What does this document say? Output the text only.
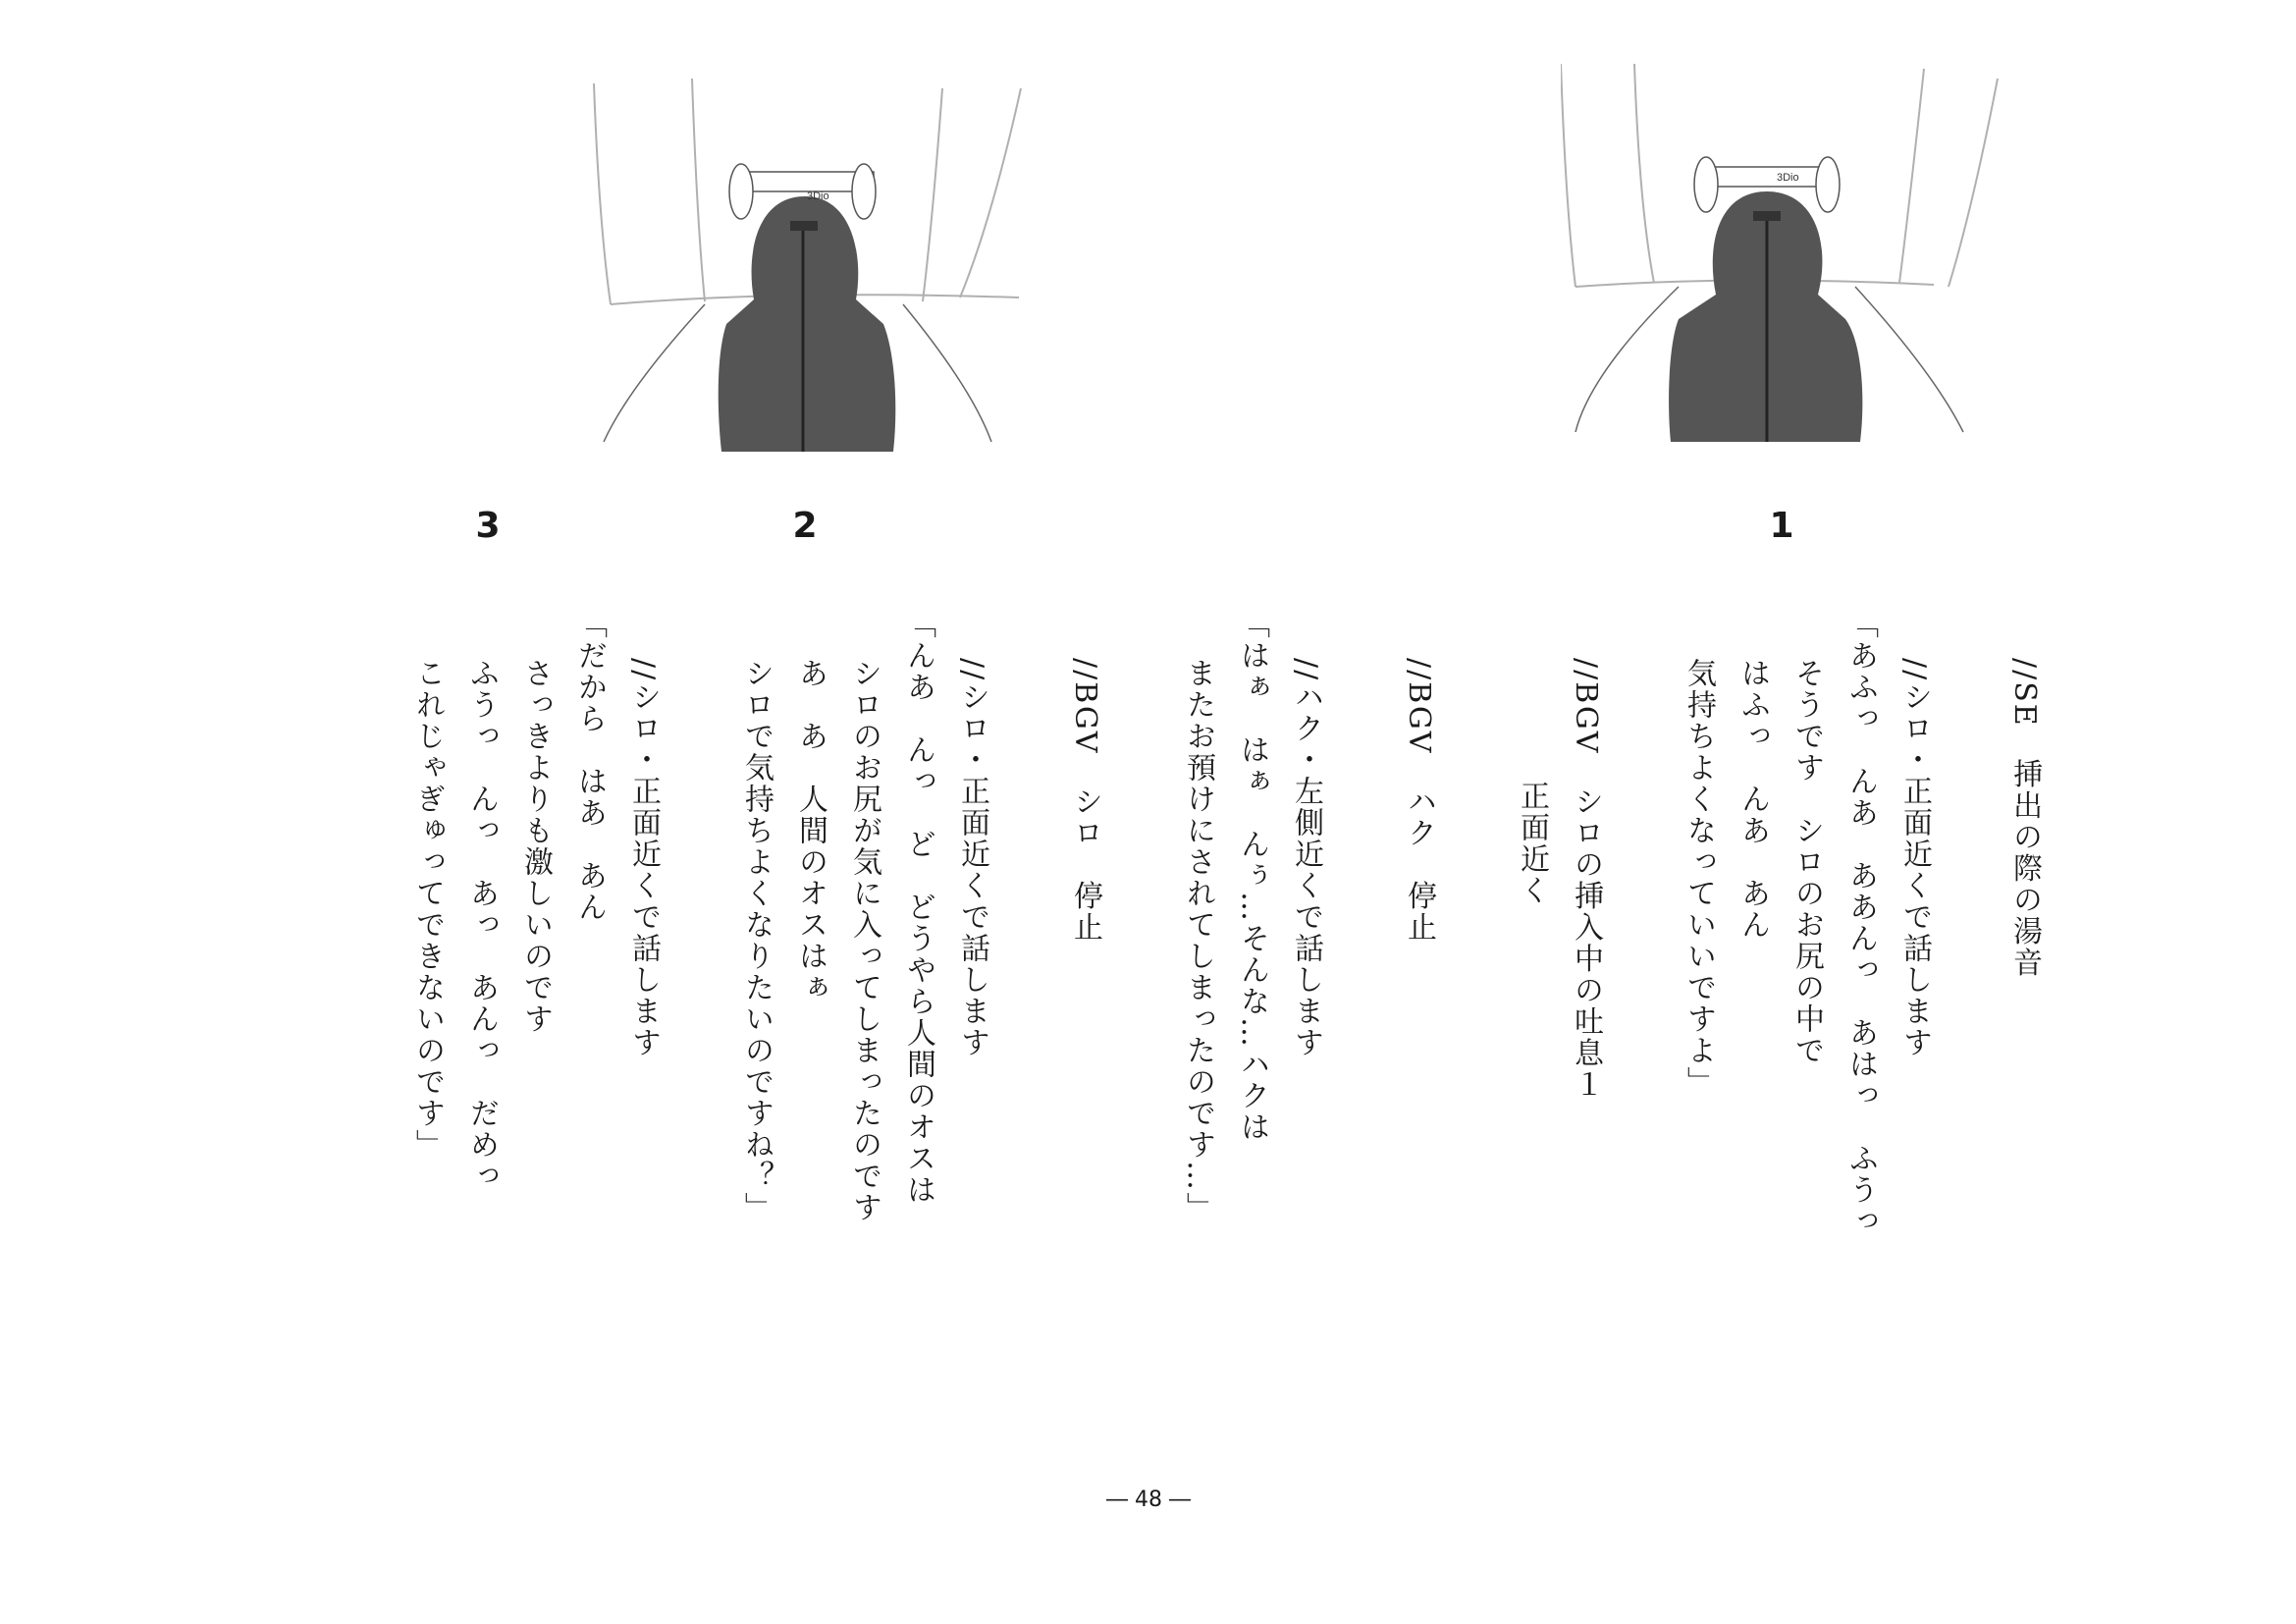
3Dio
3Dio
1
2
3
//SE　挿出の際の湯音
//シロ・正面近くで話します
「あふっ　んあ　ああんっ　あはっ　ふうっ
そうです　シロのお尻の中で
はふっ　んあ　あん
気持ちよくなっていいですよ」
//BGV　シロの挿入中の吐息１
正面近く
//BGV　ハク　停止
//ハク・左側近くで話します
「はぁ　はぁ　んぅ…そんな…ハクは
またお預けにされてしまったのです…」
//BGV　シロ　停止
//シロ・正面近くで話します
「んあ　んっ　ど　どうやら人間のオスは
シロのお尻が気に入ってしまったのです
あ　あ　人間のオスはぁ
シロで気持ちよくなりたいのですね？」
//シロ・正面近くで話します
「だから　はあ　あん
さっきよりも激しいのです
ふうっ　んっ　あっ　あんっ　だめっ
これじゃぎゅってできないのです」
― 48 ―
